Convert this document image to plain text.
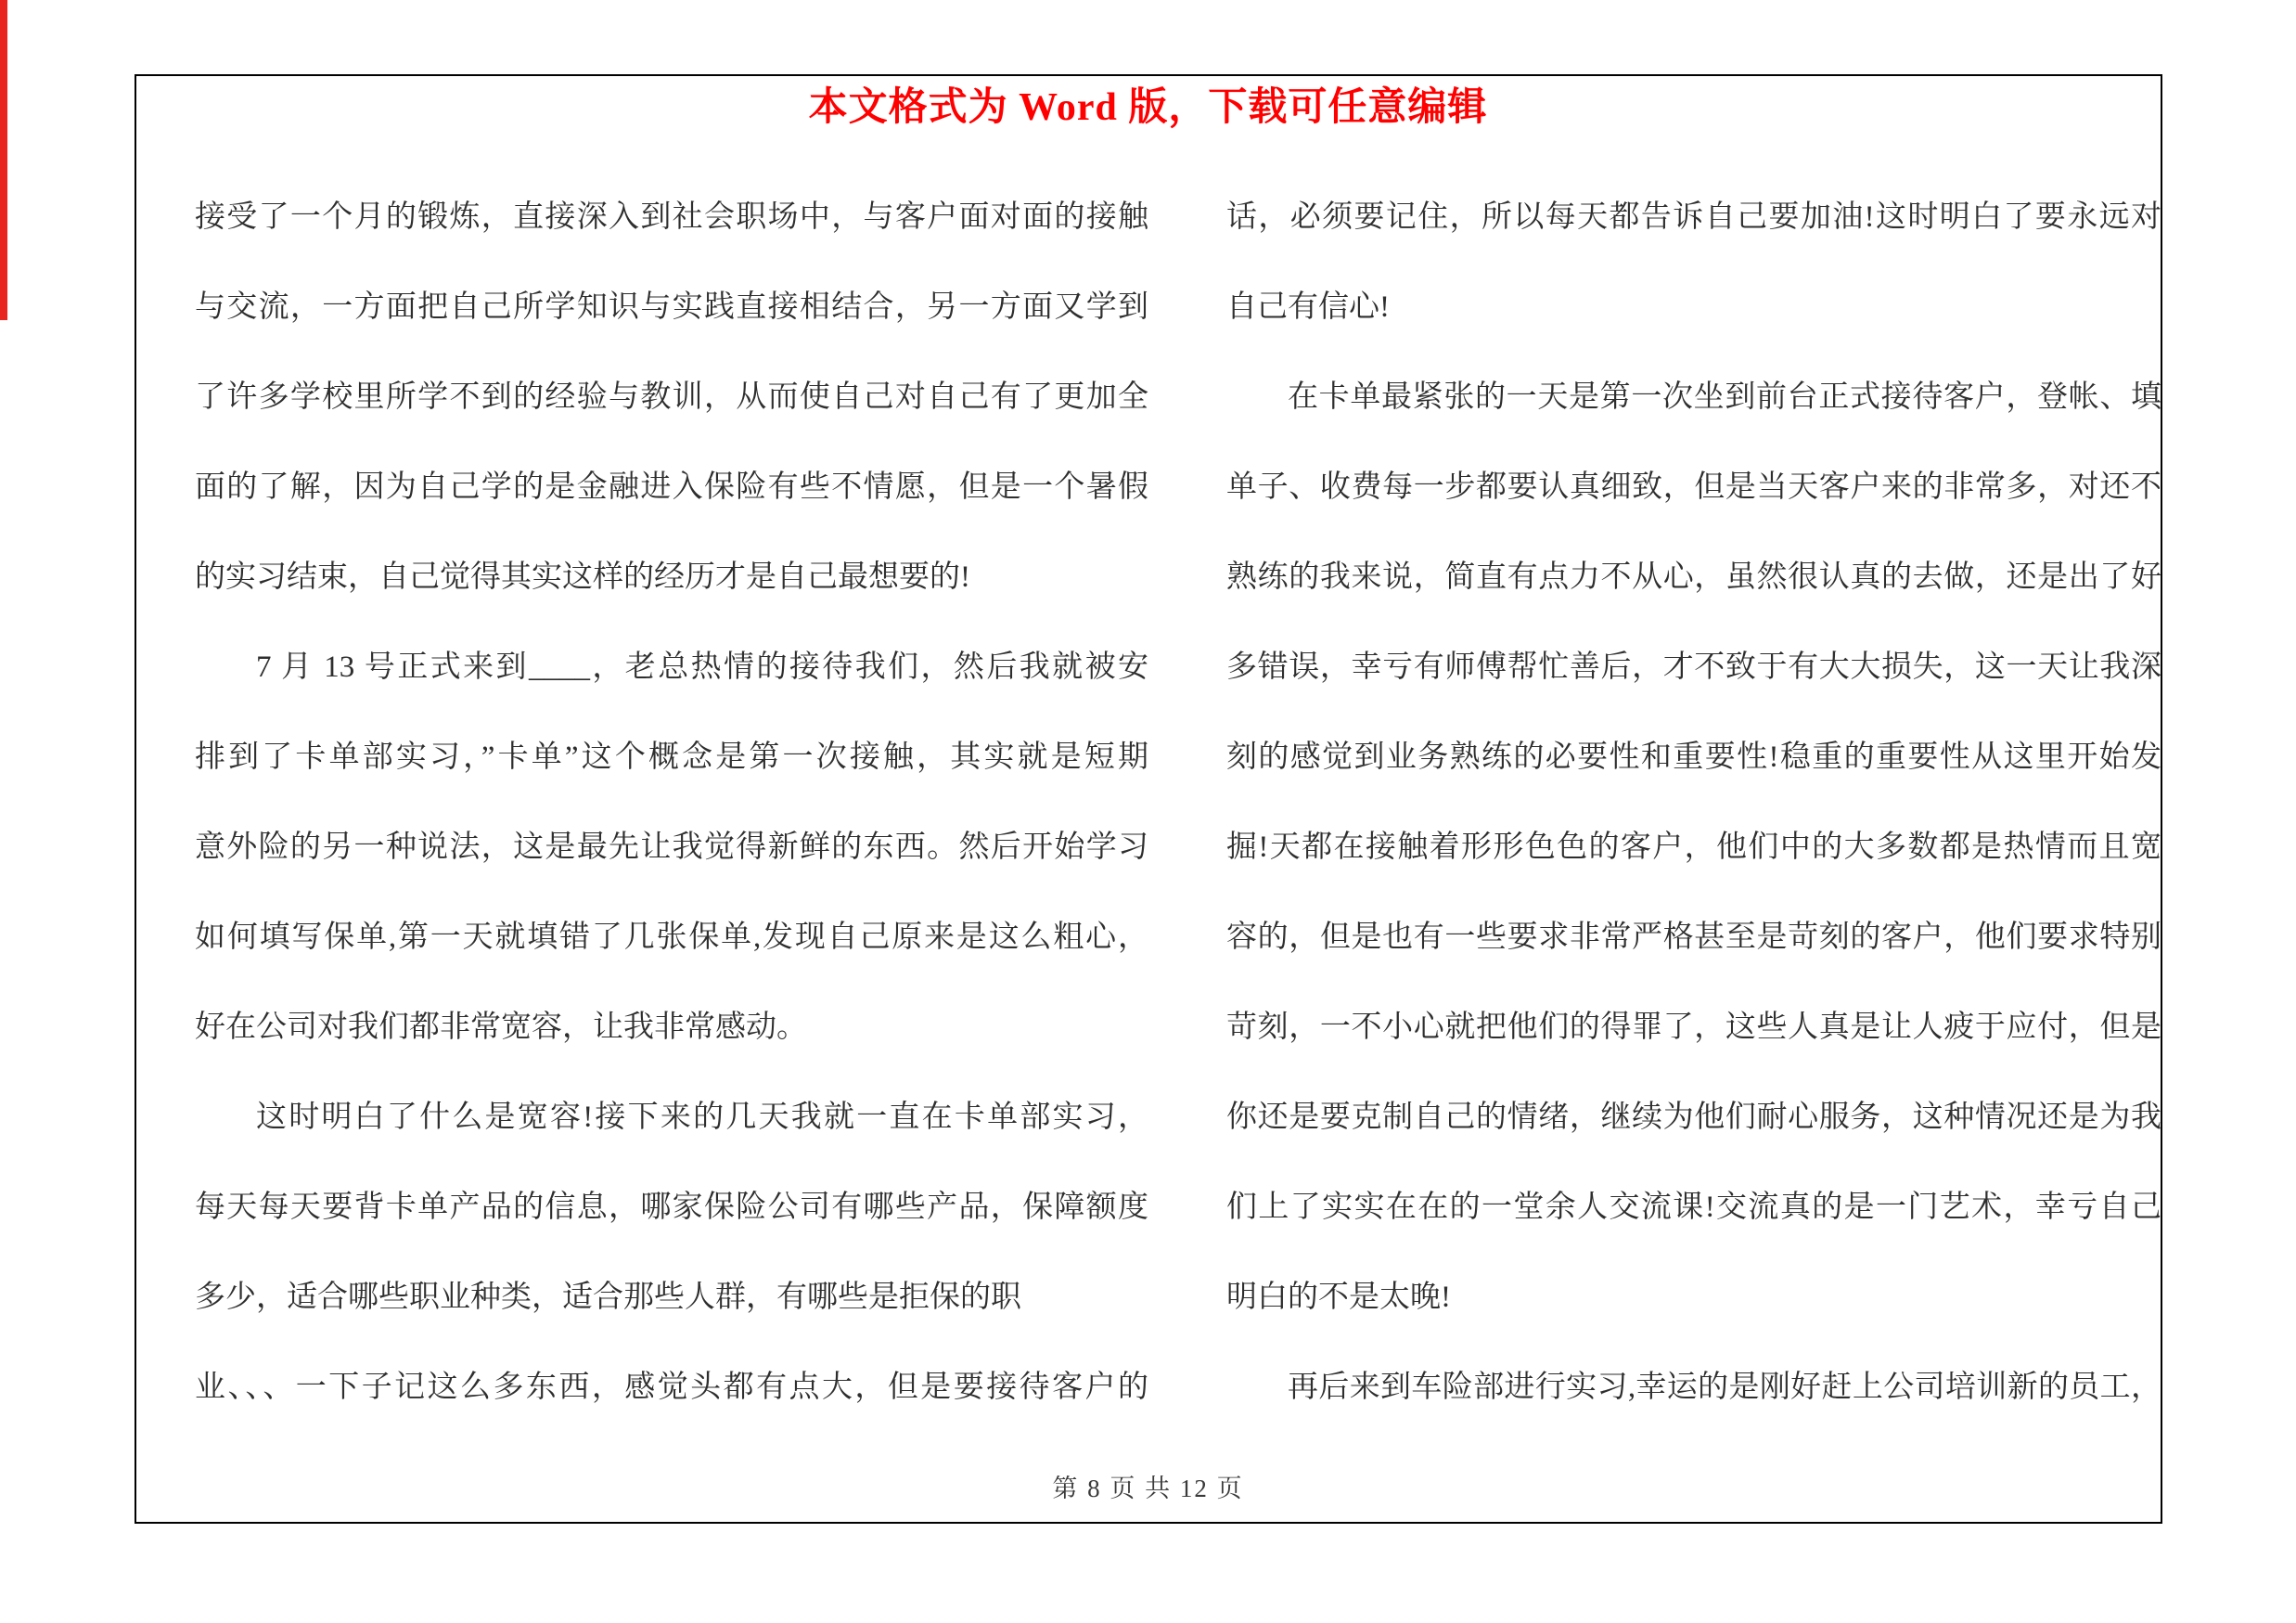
本文格式为 Word 版，下载可任意编辑
接受了一个月的锻炼，直接深入到社会职场中，与客户面对面的接触
与交流，一方面把自己所学知识与实践直接相结合，另一方面又学到
了许多学校里所学不到的经验与教训，从而使自己对自己有了更加全
面的了解，因为自己学的是金融进入保险有些不情愿，但是一个暑假
的实习结束，自己觉得其实这样的经历才是自己最想要的!
7 月 13 号正式来到____，老总热情的接待我们，然后我就被安
排到了卡单部实习，”卡单”这个概念是第一次接触，其实就是短期
意外险的另一种说法，这是最先让我觉得新鲜的东西。然后开始学习
如何填写保单,第一天就填错了几张保单,发现自己原来是这么粗心，
好在公司对我们都非常宽容，让我非常感动。
这时明白了什么是宽容!接下来的几天我就一直在卡单部实习，
每天每天要背卡单产品的信息，哪家保险公司有哪些产品，保障额度
多少，适合哪些职业种类，适合那些人群，有哪些是拒保的职
业、、、一下子记这么多东西，感觉头都有点大，但是要接待客户的
话，必须要记住，所以每天都告诉自己要加油!这时明白了要永远对
自己有信心!
在卡单最紧张的一天是第一次坐到前台正式接待客户，登帐、填
单子、收费每一步都要认真细致，但是当天客户来的非常多，对还不
熟练的我来说，简直有点力不从心，虽然很认真的去做，还是出了好
多错误，幸亏有师傅帮忙善后，才不致于有大大损失，这一天让我深
刻的感觉到业务熟练的必要性和重要性!稳重的重要性从这里开始发
掘!天都在接触着形形色色的客户，他们中的大多数都是热情而且宽
容的，但是也有一些要求非常严格甚至是苛刻的客户，他们要求特别
苛刻，一不小心就把他们的得罪了，这些人真是让人疲于应付，但是
你还是要克制自己的情绪，继续为他们耐心服务，这种情况还是为我
们上了实实在在的一堂余人交流课!交流真的是一门艺术，幸亏自己
明白的不是太晚!
再后来到车险部进行实习,幸运的是刚好赶上公司培训新的员工，
第 8 页 共 12 页
